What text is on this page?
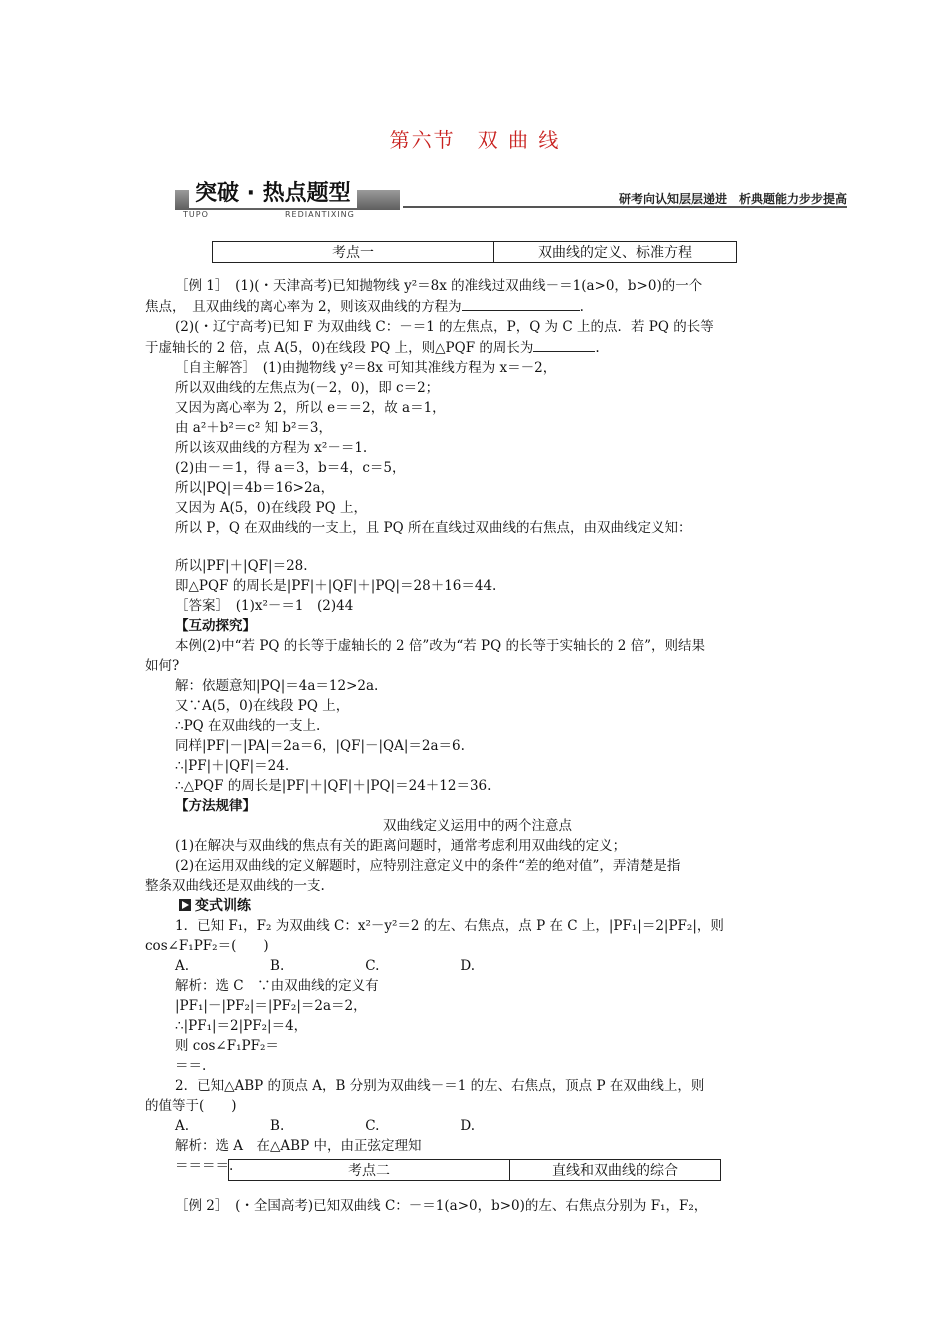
第六节　双 曲 线
突破 · 热点题型
TUPO	REDIANTIXING
研考向认知层层递进　析典题能力步步提高
考点一	双曲线的定义、标准方程

［例 1］　(1)(・天津高考)已知抛物线 y²＝8x 的准线过双曲线－＝1(a>0，b>0)的一个

焦点，　且双曲线的离心率为 2，则该双曲线的方程为	.

(2)(・辽宁高考)已知 F 为双曲线 C：－＝1 的左焦点，P，Q 为 C 上的点．若 PQ 的长等

于虚轴长的 2 倍，点 A(5，0)在线段 PQ 上，则△PQF 的周长为	.

［自主解答］　(1)由抛物线 y²＝8x 可知其准线方程为 x＝－2，

所以双曲线的左焦点为(－2，0)，即 c＝2；

又因为离心率为 2，所以 e＝＝2，故 a＝1，

由 a²＋b²＝c² 知 b²＝3，

所以该双曲线的方程为 x²－＝1.

(2)由－＝1，得 a＝3，b＝4，c＝5，

所以|PQ|＝4b＝16>2a，

又因为 A(5，0)在线段 PQ 上，

所以 P，Q 在双曲线的一支上，且 PQ 所在直线过双曲线的右焦点，由双曲线定义知：

所以|PF|＋|QF|＝28.

即△PQF 的周长是|PF|＋|QF|＋|PQ|＝28＋16＝44.

［答案］　(1)x²－＝1　(2)44

【互动探究】

本例(2)中“若 PQ 的长等于虚轴长的 2 倍”改为“若 PQ 的长等于实轴长的 2 倍”，则结果

如何?

解：依题意知|PQ|＝4a＝12>2a.

又∵A(5，0)在线段 PQ 上，

∴PQ 在双曲线的一支上.

同样|PF|－|PA|＝2a＝6，|QF|－|QA|＝2a＝6.

∴|PF|＋|QF|＝24.

∴△PQF 的周长是|PF|＋|QF|＋|PQ|＝24＋12＝36.

【方法规律】

双曲线定义运用中的两个注意点

(1)在解决与双曲线的焦点有关的距离问题时，通常考虑利用双曲线的定义；

(2)在运用双曲线的定义解题时，应特别注意定义中的条件“差的绝对值”，弄清楚是指

整条双曲线还是双曲线的一支.

变式训练

1．已知 F₁，F₂ 为双曲线 C：x²－y²＝2 的左、右焦点，点 P 在 C 上，|PF₁|＝2|PF₂|，则

cos∠F₁PF₂＝(　　)

A.　　　　　　B.　　　　　　C.　　　　　　D.

解析：选 C　∵由双曲线的定义有

|PF₁|－|PF₂|＝|PF₂|＝2a＝2，

∴|PF₁|＝2|PF₂|＝4，

则 cos∠F₁PF₂＝

＝＝.

2．已知△ABP 的顶点 A，B 分别为双曲线－＝1 的左、右焦点，顶点 P 在双曲线上，则

的值等于(　　)

A.　　　　　　B.　　　　　　C.　　　　　　D.

解析：选 A　在△ABP 中，由正弦定理知

＝＝＝＝.	考点二	直线和双曲线的综合

［例 2］　(・全国高考)已知双曲线 C：－＝1(a>0，b>0)的左、右焦点分别为 F₁，F₂，
